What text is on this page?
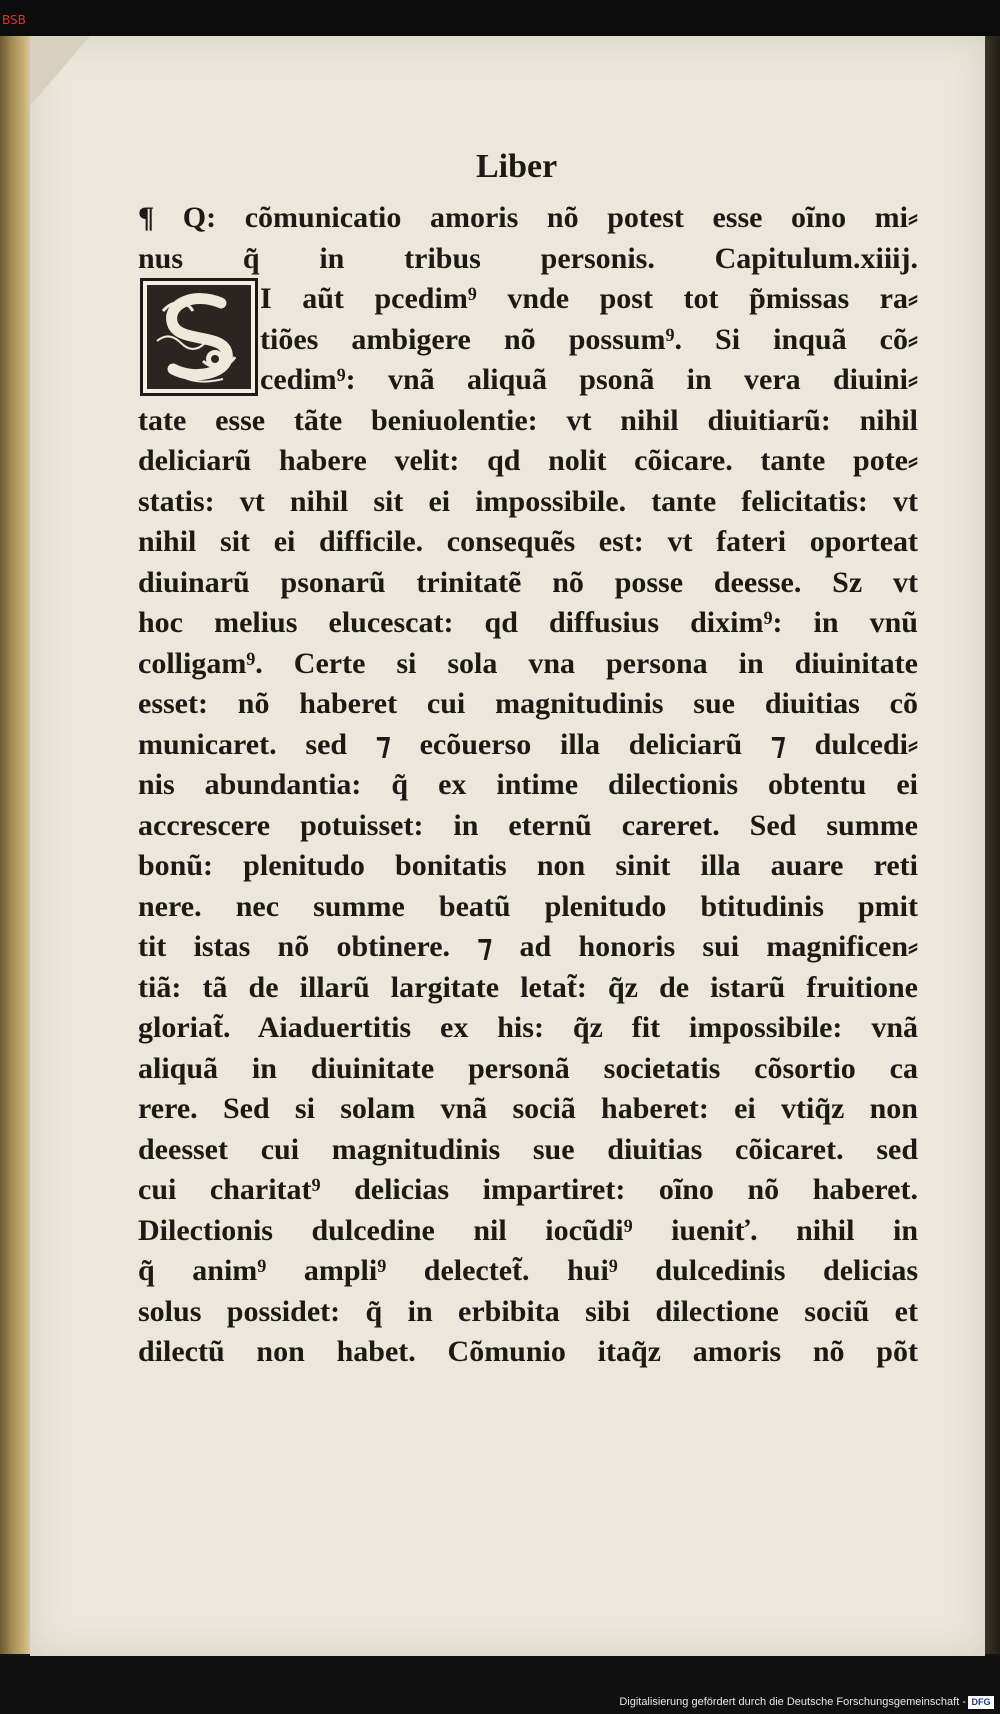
BSB
Liber
¶ Q: cõmunicatio amoris nõ potest esse oĩno mi⸗
nus q̃ in tribus personis. Capitulum.xiiij.
I aũt pcedim⁹ vnde post tot p̃missas ra⸗
tiões ambigere nõ possum⁹. Si inquã cõ⸗
cedim⁹: vnã aliquã psonã in vera diuini⸗
tate esse tãte beniuolentie: vt nihil diuitiarũ: nihil
deliciarũ habere velit: qd nolit cõicare. tante pote⸗
statis: vt nihil sit ei impossibile. tante felicitatis: vt
nihil sit ei difficile. consequẽs est: vt fateri oporteat
diuinarũ psonarũ trinitatẽ nõ posse deesse. Sz vt
hoc melius elucescat: qd diffusius dixim⁹: in vnũ
colligam⁹. Certe si sola vna persona in diuinitate
esset: nõ haberet cui magnitudinis sue diuitias cõ
municaret. sed ⁊ ecõuerso illa deliciarũ ⁊ dulcedi⸗
nis abundantia: q̃ ex intime dilectionis obtentu ei
accrescere potuisset: in eternũ careret. Sed summe
bonũ: plenitudo bonitatis non sinit illa auare reti
nere. nec summe beatũ plenitudo btitudinis pmit
tit istas nõ obtinere. ⁊ ad honoris sui magnificen⸗
tiã: tã de illarũ largitate letat̃: q̃z de istarũ fruitione
gloriat̃. Aiaduertitis ex his: q̃z fit impossibile: vnã
aliquã in diuinitate personã societatis cõsortio ca
rere. Sed si solam vnã sociã haberet: ei vtiq̃z non
deesset cui magnitudinis sue diuitias cõicaret. sed
cui charitat⁹ delicias impartiret: oĩno nõ haberet.
Dilectionis dulcedine nil iocũdi⁹ iueniť. nihil in
q̃ anim⁹ ampli⁹ delectet̃. hui⁹ dulcedinis delicias
solus possidet: q̃ in erbibita sibi dilectione sociũ et
dilectũ non habet. Cõmunio itaq̃z amoris nõ põt
Digitalisierung gefördert durch die Deutsche Forschungsgemeinschaft - DFG
